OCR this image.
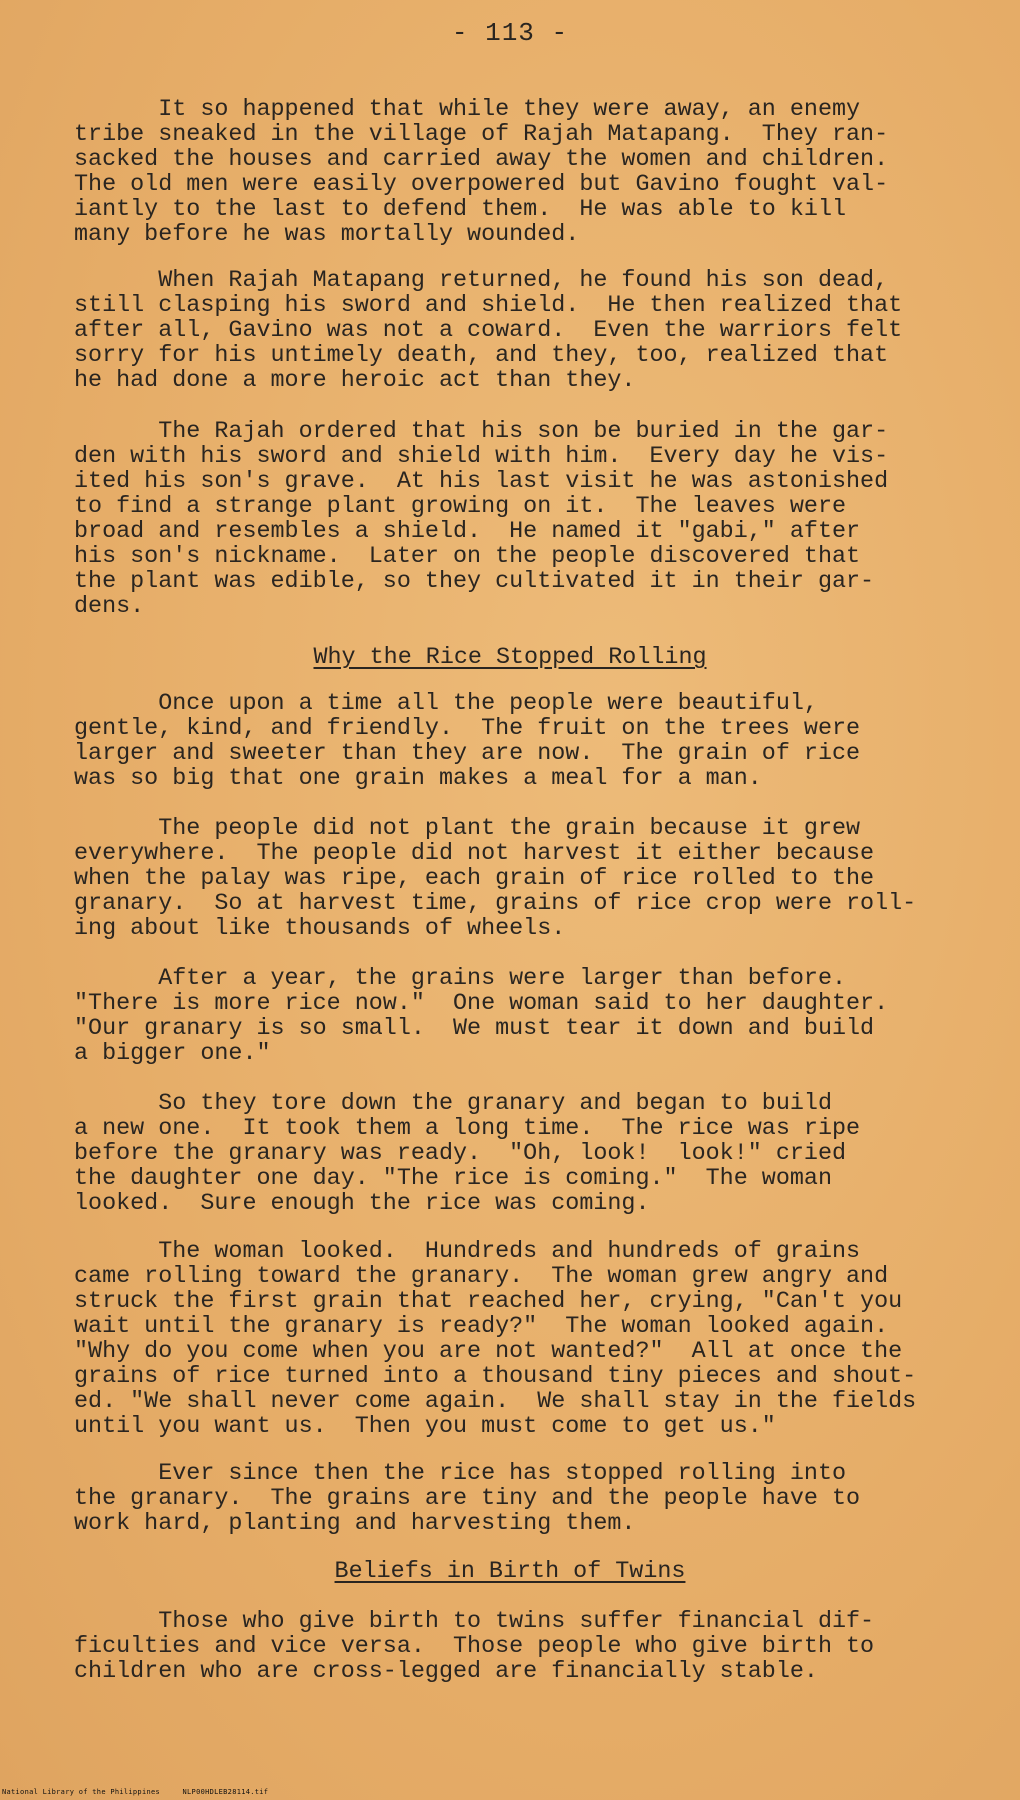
- 113 -

It so happened that while they were away, an enemy
tribe sneaked in the village of Rajah Matapang.  They ran-
sacked the houses and carried away the women and children.
The old men were easily overpowered but Gavino fought val-
iantly to the last to defend them.  He was able to kill
many before he was mortally wounded.

When Rajah Matapang returned, he found his son dead,
still clasping his sword and shield.  He then realized that
after all, Gavino was not a coward.  Even the warriors felt
sorry for his untimely death, and they, too, realized that
he had done a more heroic act than they.

The Rajah ordered that his son be buried in the gar-
den with his sword and shield with him.  Every day he vis-
ited his son's grave.  At his last visit he was astonished
to find a strange plant growing on it.  The leaves were
broad and resembles a shield.  He named it "gabi," after
his son's nickname.  Later on the people discovered that
the plant was edible, so they cultivated it in their gar-
dens.

Why the Rice Stopped Rolling

Once upon a time all the people were beautiful,
gentle, kind, and friendly.  The fruit on the trees were
larger and sweeter than they are now.  The grain of rice
was so big that one grain makes a meal for a man.

The people did not plant the grain because it grew
everywhere.  The people did not harvest it either because
when the palay was ripe, each grain of rice rolled to the
granary.  So at harvest time, grains of rice crop were roll-
ing about like thousands of wheels.

After a year, the grains were larger than before.
"There is more rice now."  One woman said to her daughter.
"Our granary is so small.  We must tear it down and build
a bigger one."

So they tore down the granary and began to build
a new one.  It took them a long time.  The rice was ripe
before the granary was ready.  "Oh, look!  look!" cried
the daughter one day. "The rice is coming."  The woman
looked.  Sure enough the rice was coming.

The woman looked.  Hundreds and hundreds of grains
came rolling toward the granary.  The woman grew angry and
struck the first grain that reached her, crying, "Can't you
wait until the granary is ready?"  The woman looked again.
"Why do you come when you are not wanted?"  All at once the
grains of rice turned into a thousand tiny pieces and shout-
ed. "We shall never come again.  We shall stay in the fields
until you want us.  Then you must come to get us."

Ever since then the rice has stopped rolling into
the granary.  The grains are tiny and the people have to
work hard, planting and harvesting them.

Beliefs in Birth of Twins

Those who give birth to twins suffer financial dif-
ficulties and vice versa.  Those people who give birth to
children who are cross-legged are financially stable.

National Library of the Philippines	NLP00HDLEB28114.tif
